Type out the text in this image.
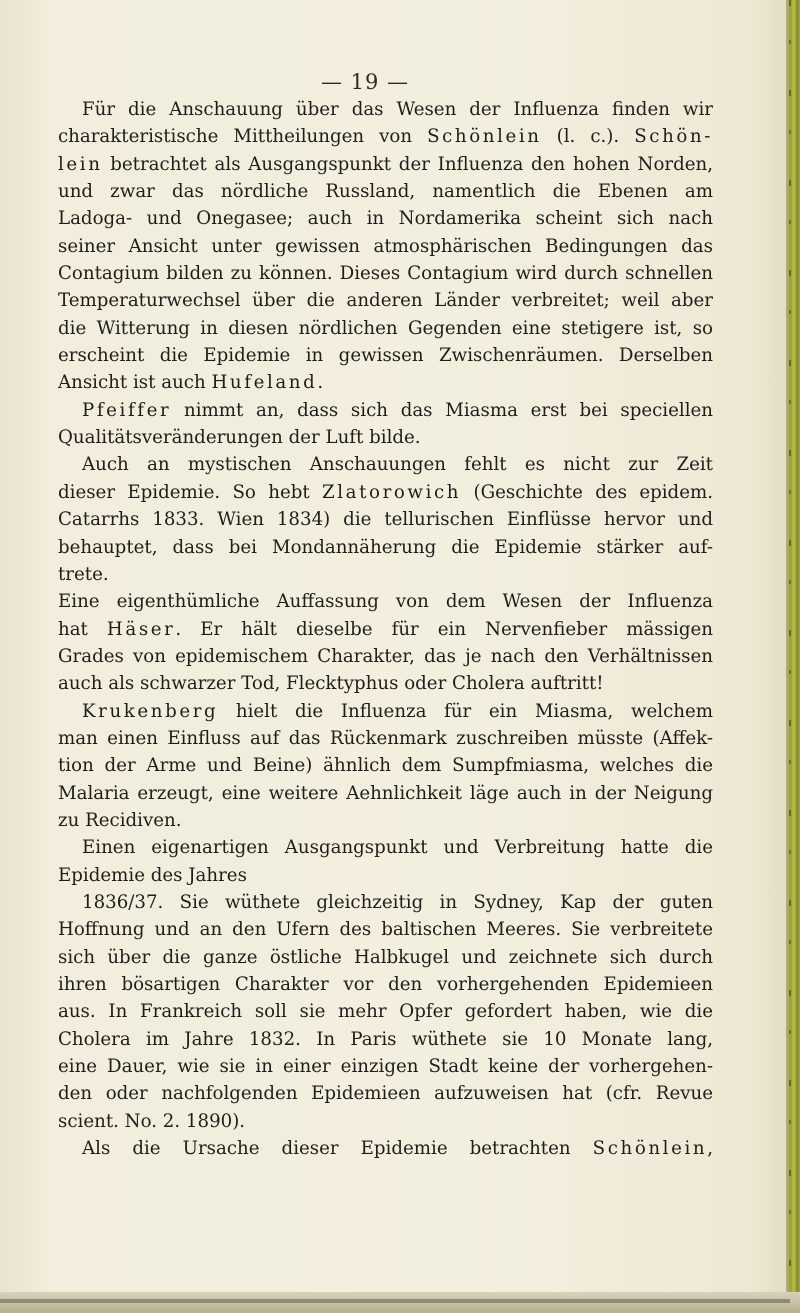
— 19 —
Für die Anschauung über das Wesen der Influenza finden wir
charakteristische Mittheilungen von Schönlein (l. c.). Schön-
lein betrachtet als Ausgangspunkt der Influenza den hohen Norden,
und zwar das nördliche Russland, namentlich die Ebenen am
Ladoga- und Onegasee; auch in Nordamerika scheint sich nach
seiner Ansicht unter gewissen atmosphärischen Bedingungen das
Contagium bilden zu können. Dieses Contagium wird durch schnellen
Temperaturwechsel über die anderen Länder verbreitet; weil aber
die Witterung in diesen nördlichen Gegenden eine stetigere ist, so
erscheint die Epidemie in gewissen Zwischenräumen. Derselben
Ansicht ist auch Hufeland.
Pfeiffer nimmt an, dass sich das Miasma erst bei speciellen
Qualitätsveränderungen der Luft bilde.
Auch an mystischen Anschauungen fehlt es nicht zur Zeit
dieser Epidemie. So hebt Zlatorowich (Geschichte des epidem.
Catarrhs 1833. Wien 1834) die tellurischen Einflüsse hervor und
behauptet, dass bei Mondannäherung die Epidemie stärker auf-
trete.
Eine eigenthümliche Auffassung von dem Wesen der Influenza
hat Häser. Er hält dieselbe für ein Nervenfieber mässigen
Grades von epidemischem Charakter, das je nach den Verhältnissen
auch als schwarzer Tod, Flecktyphus oder Cholera auftritt!
Krukenberg hielt die Influenza für ein Miasma, welchem
man einen Einfluss auf das Rückenmark zuschreiben müsste (Affek-
tion der Arme und Beine) ähnlich dem Sumpfmiasma, welches die
Malaria erzeugt, eine weitere Aehnlichkeit läge auch in der Neigung
zu Recidiven.
Einen eigenartigen Ausgangspunkt und Verbreitung hatte die
Epidemie des Jahres
1836/37. Sie wüthete gleichzeitig in Sydney, Kap der guten
Hoffnung und an den Ufern des baltischen Meeres. Sie verbreitete
sich über die ganze östliche Halbkugel und zeichnete sich durch
ihren bösartigen Charakter vor den vorhergehenden Epidemieen
aus. In Frankreich soll sie mehr Opfer gefordert haben, wie die
Cholera im Jahre 1832. In Paris wüthete sie 10 Monate lang,
eine Dauer, wie sie in einer einzigen Stadt keine der vorhergehen-
den oder nachfolgenden Epidemieen aufzuweisen hat (cfr. Revue
scient. No. 2. 1890).
Als die Ursache dieser Epidemie betrachten Schönlein,
